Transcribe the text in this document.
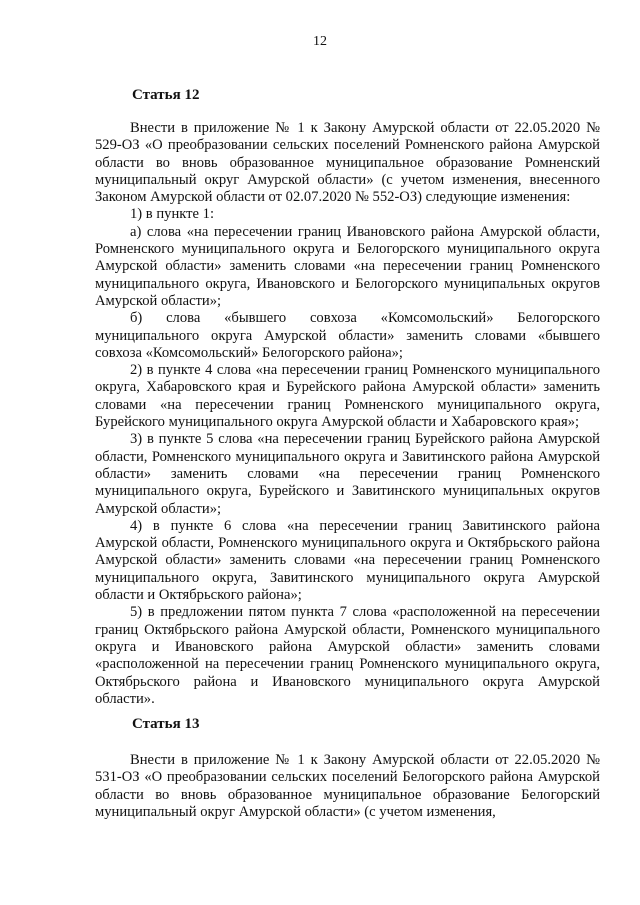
12
Статья 12

Внести в приложение № 1 к Закону Амурской области от 22.05.2020 № 529-ОЗ «О преобразовании сельских поселений Ромненского района Амурской области во вновь образованное муниципальное образование Ромненский муниципальный округ Амурской области» (с учетом изменения, внесенного Законом Амурской области от 02.07.2020 № 552-ОЗ) следующие изменения:

1) в пункте 1:

а) слова «на пересечении границ Ивановского района Амурской области, Ромненского муниципального округа и Белогорского муниципального округа Амурской области» заменить словами «на пересечении границ Ромненского муниципального округа, Ивановского и Белогорского муниципальных округов Амурской области»;

б) слова «бывшего совхоза «Комсомольский» Белогорского муниципального округа Амурской области» заменить словами «бывшего совхоза «Комсомольский» Белогорского района»;

2) в пункте 4 слова «на пересечении границ Ромненского муниципального округа, Хабаровского края и Бурейского района Амурской области» заменить словами «на пересечении границ Ромненского муниципального округа, Бурейского муниципального округа Амурской области и Хабаровского края»;

3) в пункте 5 слова «на пересечении границ Бурейского района Амурской области, Ромненского муниципального округа и Завитинского района Амурской области» заменить словами «на пересечении границ Ромненского муниципального округа, Бурейского и Завитинского муниципальных округов Амурской области»;

4) в пункте 6 слова «на пересечении границ Завитинского района Амурской области, Ромненского муниципального округа и Октябрьского района Амурской области» заменить словами «на пересечении границ Ромненского муниципального округа, Завитинского муниципального округа Амурской области и Октябрьского района»;

5) в предложении пятом пункта 7 слова «расположенной на пересечении границ Октябрьского района Амурской области, Ромненского муниципального округа и Ивановского района Амурской области» заменить словами «расположенной на пересечении границ Ромненского муниципального округа, Октябрьского района и Ивановского муниципального округа Амурской области».

Статья 13

Внести в приложение № 1 к Закону Амурской области от 22.05.2020 № 531-ОЗ «О преобразовании сельских поселений Белогорского района Амурской области во вновь образованное муниципальное образование Белогорский муниципальный округ Амурской области» (с учетом изменения,
